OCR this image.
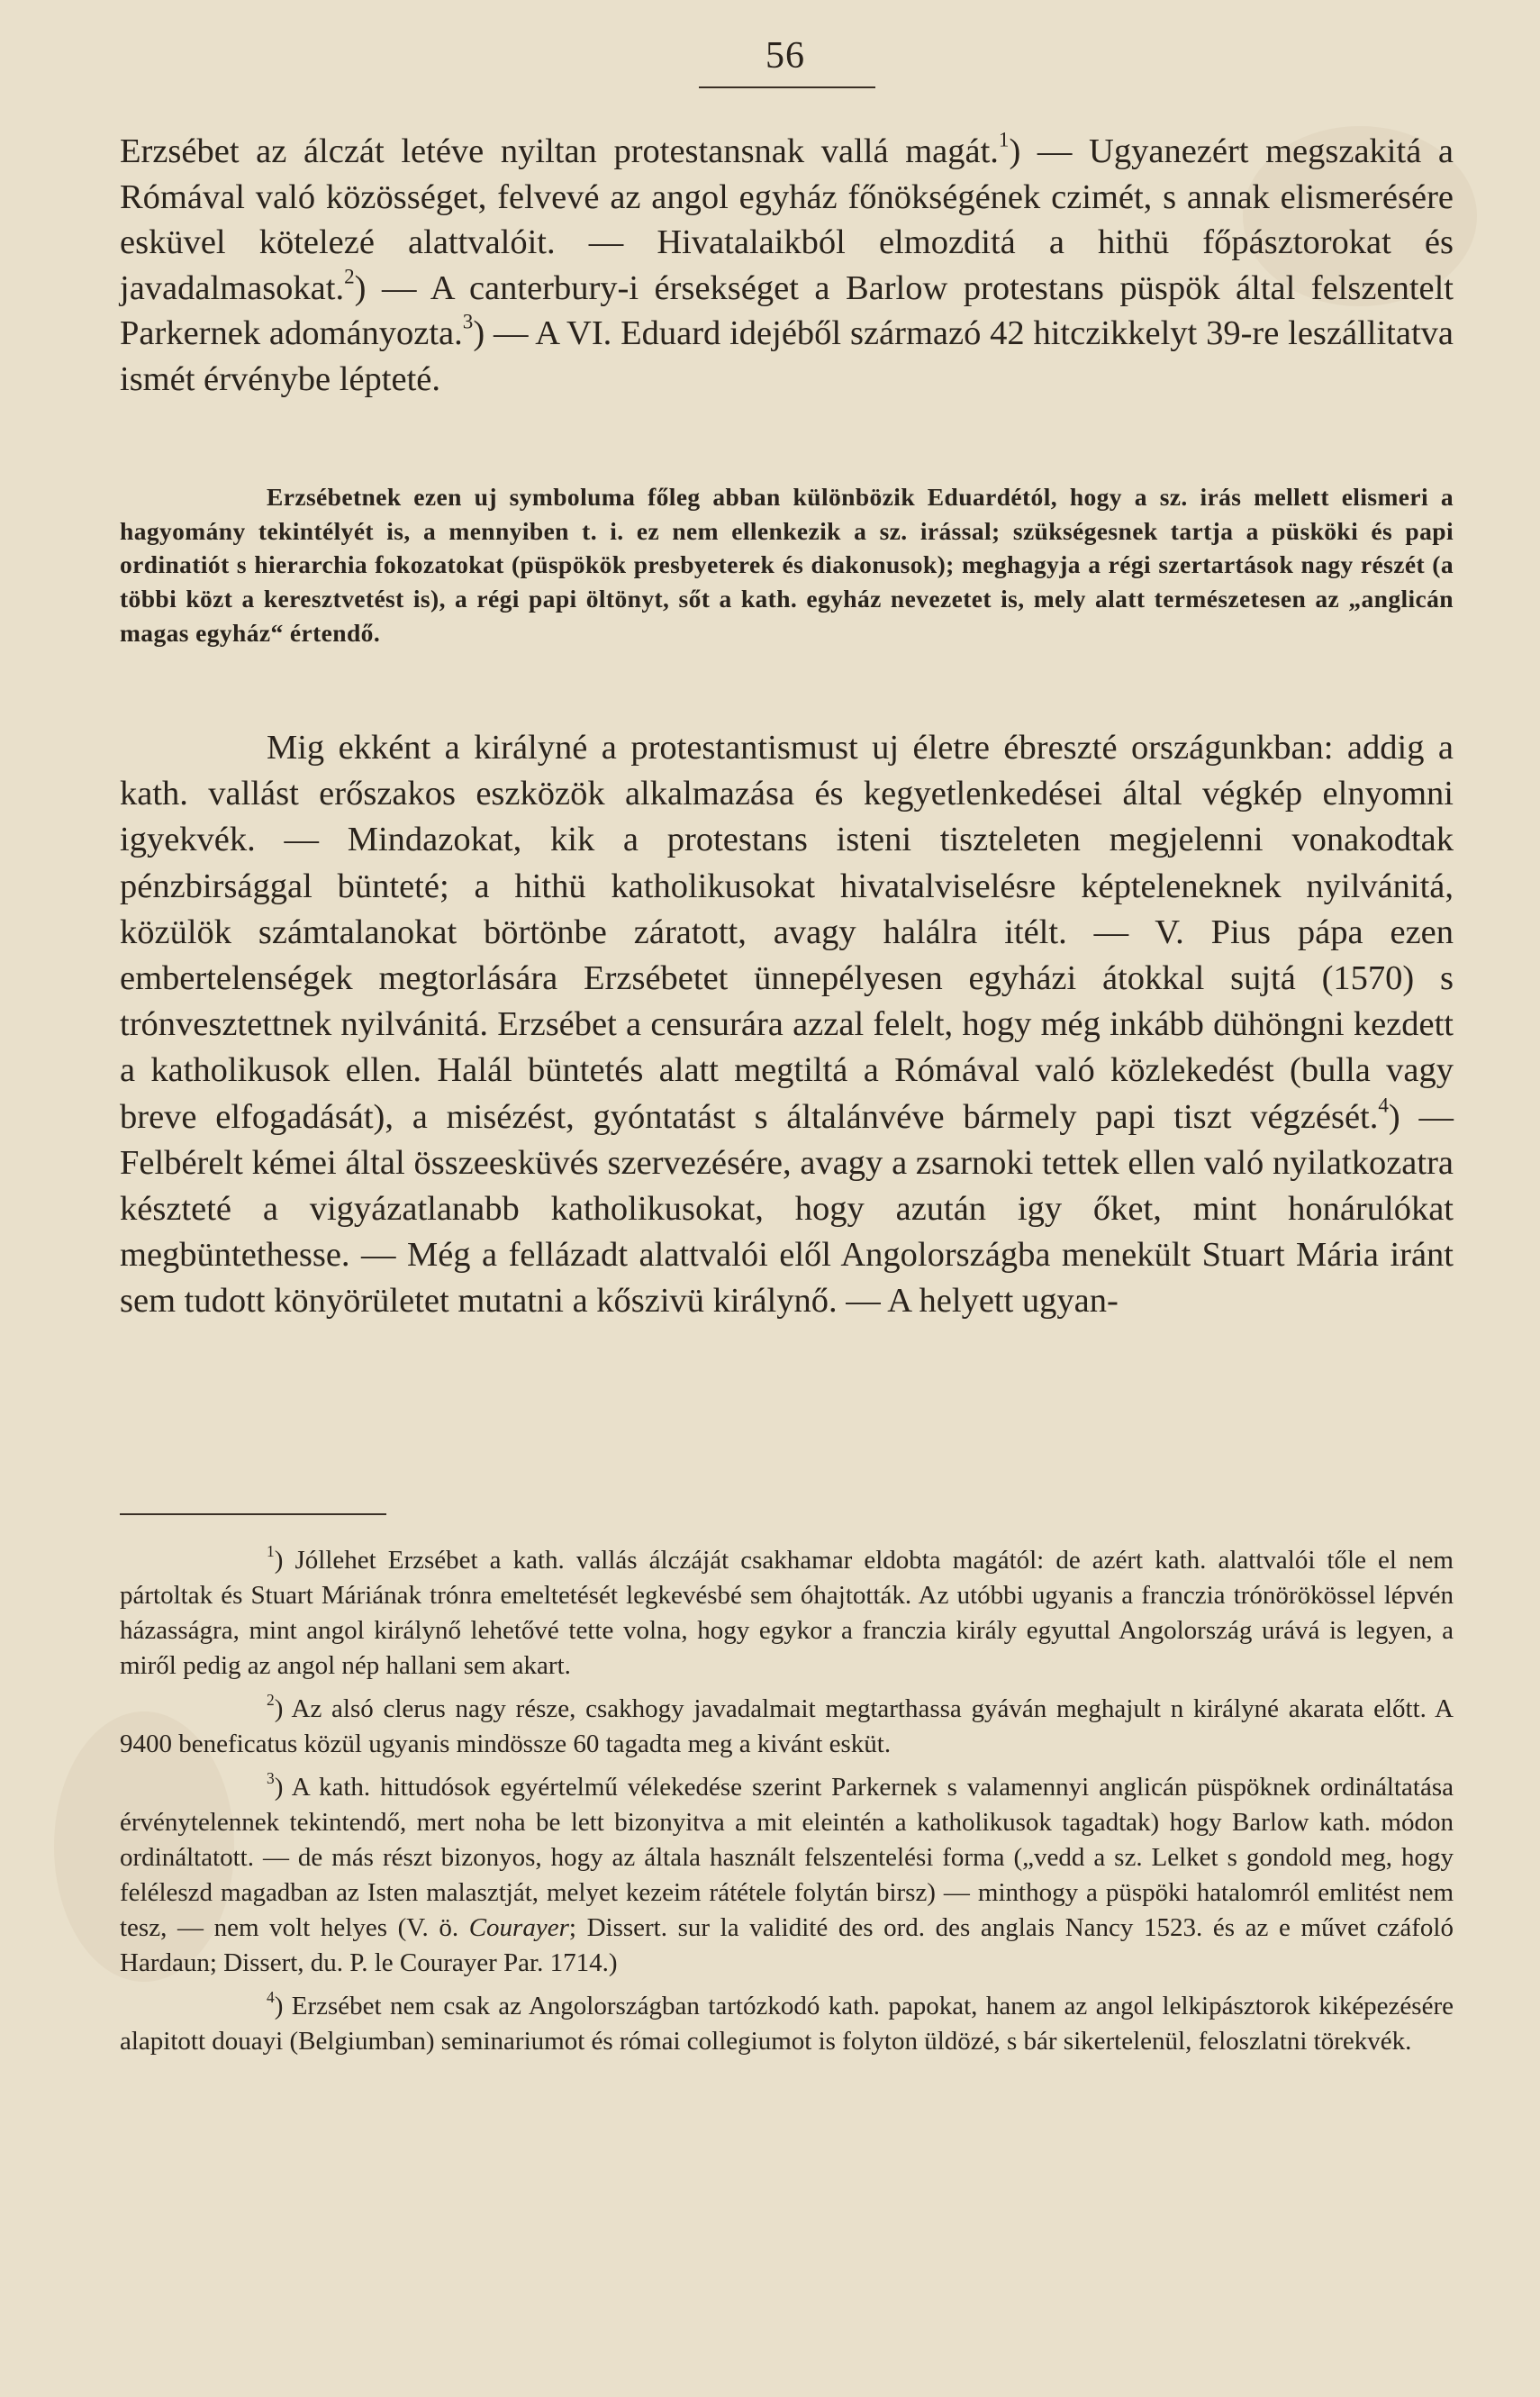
56

Erzsébet az álczát letéve nyiltan protestansnak vallá magát.$^1$) — Ugyanezért megszakitá a Rómával való közösséget, felvevé az angol egyház főnökségének czimét, s annak elismerésére esküvel kötelezé alattvalóit. — Hivatalaikból elmozditá a hithü főpásztorokat és javadalmasokat.$^2$) — A canterbury-i érsekséget a Barlow protestans püspök által felszentelt Parkernek adományozta.$^3$) — A VI. Eduard idejéből származó 42 hitczikkelyt 39-re leszállitatva ismét érvénybe lépteté.

Erzsébetnek ezen uj symboluma főleg abban különbözik Eduardétól, hogy a sz. irás mellett elismeri a hagyomány tekintélyét is, a mennyiben t. i. ez nem ellenkezik a sz. irással; szükségesnek tartja a püsköki és papi ordinatiót s hierarchia fokozatokat (püspökök presbyeterek és diakonusok); meghagyja a régi szertartások nagy részét (a többi közt a keresztvetést is), a régi papi öltönyt, sőt a kath. egyház nevezetet is, mely alatt természetesen az „anglicán magas egyház“ értendő.

Mig ekként a királyné a protestantismust uj életre ébreszté országunkban: addig a kath. vallást erőszakos eszközök alkalmazása és kegyetlenkedései által végkép elnyomni igyekvék. — Mindazokat, kik a protestans isteni tiszteleten megjelenni vonakodtak pénzbirsággal bünteté; a hithü katholikusokat hivatalviselésre képteleneknek nyilvánitá, közülök számtalanokat börtönbe záratott, avagy halálra itélt. — V. Pius pápa ezen embertelenségek megtorlására Erzsébetet ünnepélyesen egyházi átokkal sujtá (1570) s trónvesztettnek nyilvánitá. Erzsébet a censurára azzal felelt, hogy még inkább dühöngni kezdett a katholikusok ellen. Halál büntetés alatt megtiltá a Rómával való közlekedést (bulla vagy breve elfogadását), a misézést, gyóntatást s általánvéve bármely papi tiszt végzését.$^4$) — Felbérelt kémei által összeesküvés szervezésére, avagy a zsarnoki tettek ellen való nyilatkozatra készteté a vigyázatlanabb katholikusokat, hogy azután igy őket, mint honárulókat megbüntethesse. — Még a fellázadt alattvalói elől Angolországba menekült Stuart Mária iránt sem tudott könyörületet mutatni a kőszivü királynő. — A helyett ugyan-

$^1$) Jóllehet Erzsébet a kath. vallás álczáját csakhamar eldobta magától: de azért kath. alattvalói tőle el nem pártoltak és Stuart Máriának trónra emeltetését legkevésbé sem óhajtották. Az utóbbi ugyanis a franczia trónörökössel lépvén házasságra, mint angol királynő lehetővé tette volna, hogy egykor a franczia király egyuttal Angolország urává is legyen, a miről pedig az angol nép hallani sem akart.

$^2$) Az alsó clerus nagy része, csakhogy javadalmait megtarthassa gyáván meghajult n királyné akarata előtt. A 9400 beneficatus közül ugyanis mindössze 60 tagadta meg a kivánt esküt.

$^3$) A kath. hittudósok egyértelmű vélekedése szerint Parkernek s valamennyi anglicán püspöknek ordináltatása érvénytelennek tekintendő, mert noha be lett bizonyitva a mit eleintén a katholikusok tagadtak) hogy Barlow kath. módon ordináltatott. — de más részt bizonyos, hogy az általa használt felszentelési forma („vedd a sz. Lelket s gondold meg, hogy feléleszd magadban az Isten malasztját, melyet kezeim rátétele folytán birsz) — minthogy a püspöki hatalomról emlitést nem tesz, — nem volt helyes (V. ö. Courayer; Dissert. sur la validité des ord. des anglais Nancy 1523. és az e művet czáfoló Hardaun; Dissert, du. P. le Courayer Par. 1714.)

$^4$) Erzsébet nem csak az Angolországban tartózkodó kath. papokat, hanem az angol lelkipásztorok kiképezésére alapitott douayi (Belgiumban) seminariumot és római collegiumot is folyton üldözé, s bár sikertelenül, feloszlatni törekvék.
